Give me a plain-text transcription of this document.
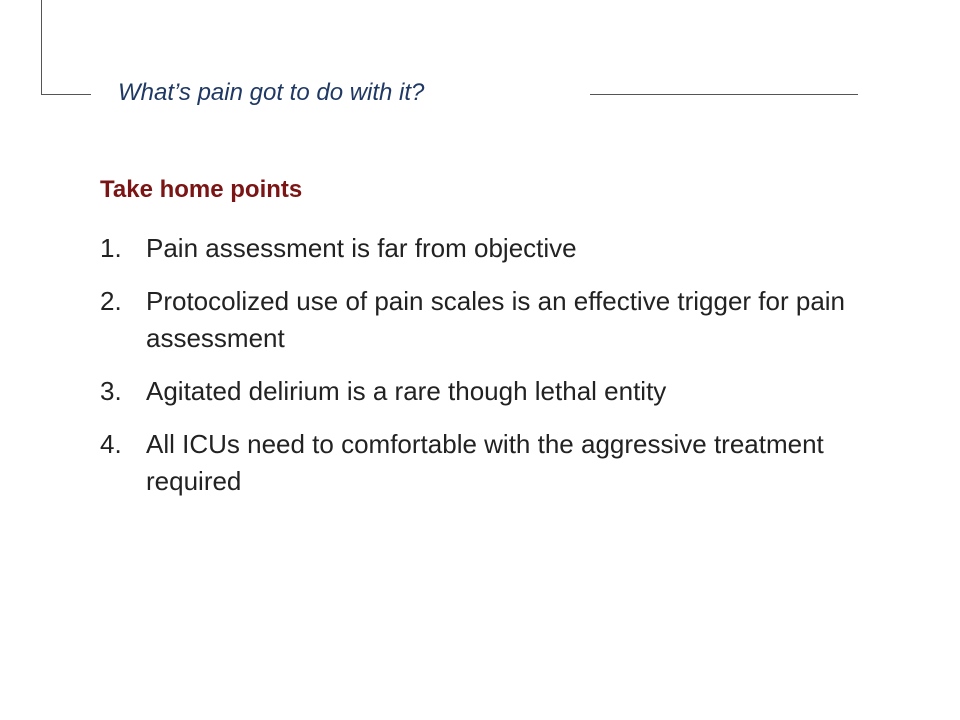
What’s pain got to do with it?
Take home points
1. Pain assessment is far from objective
2. Protocolized use of pain scales is an effective trigger for pain assessment
3. Agitated delirium is a rare though lethal entity
4. All ICUs need to comfortable with the aggressive treatment required
